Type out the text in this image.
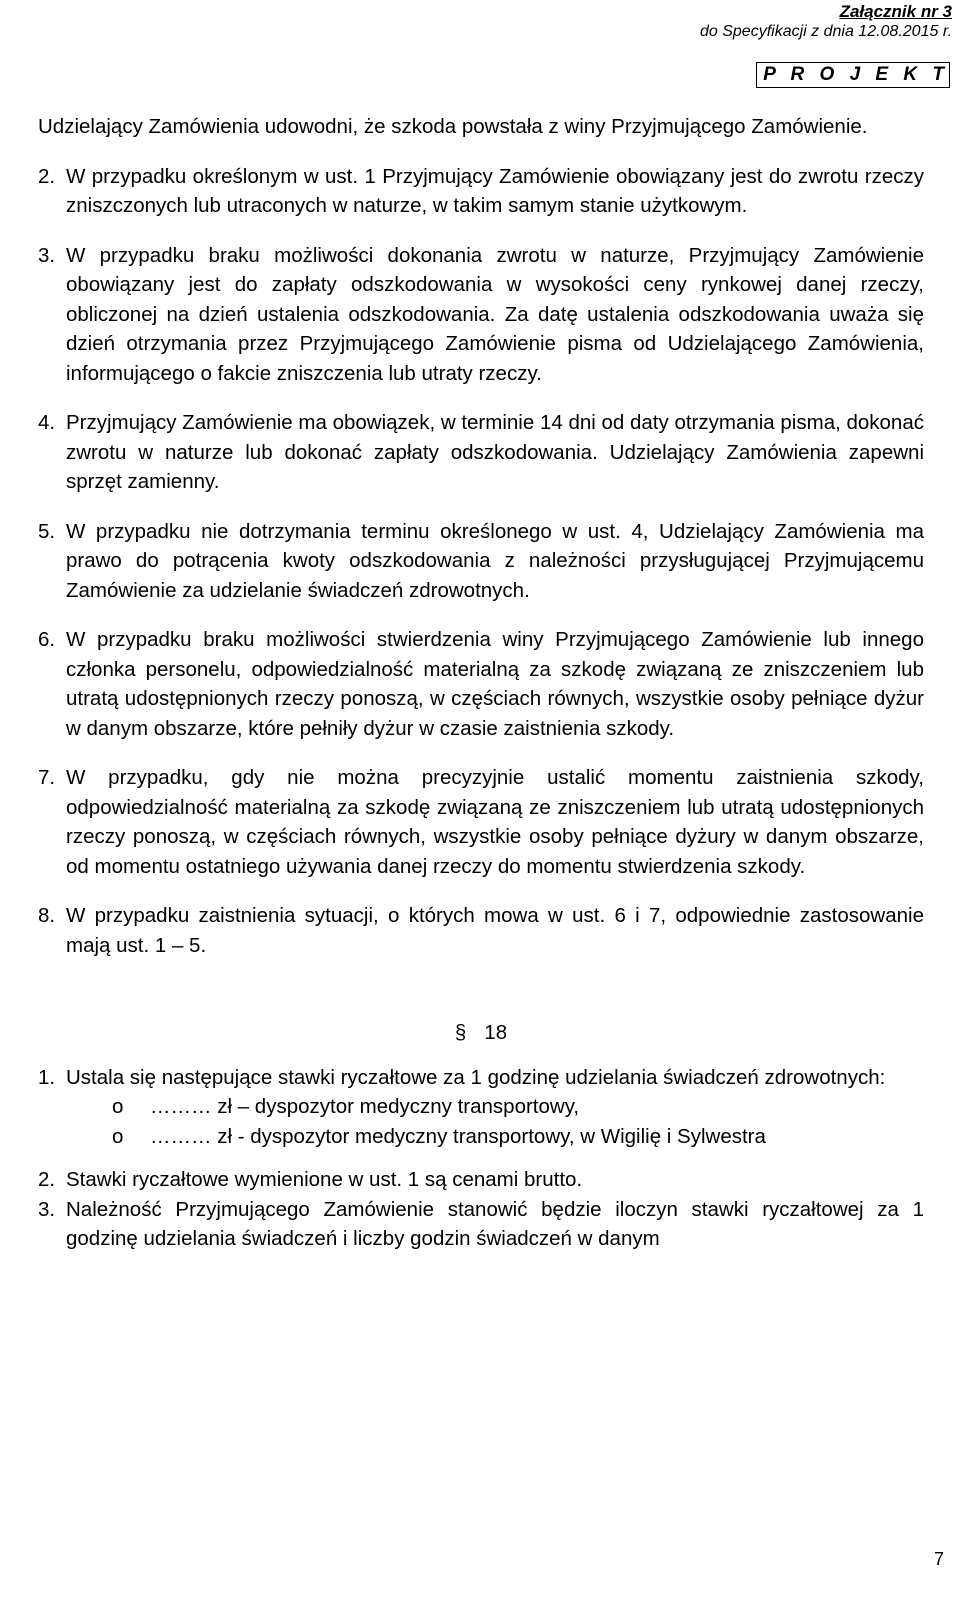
Załącznik nr 3
do Specyfikacji z dnia 12.08.2015 r.
P R O J E K T

Udzielający Zamówienia udowodni, że szkoda powstała z winy Przyjmującego Zamówienie.

2. W przypadku określonym w ust. 1 Przyjmujący Zamówienie obowiązany jest do zwrotu rzeczy zniszczonych lub utraconych w naturze, w takim samym stanie użytkowym.
3. W przypadku braku możliwości dokonania zwrotu w naturze, Przyjmujący Zamówienie obowiązany jest do zapłaty odszkodowania w wysokości ceny rynkowej danej rzeczy, obliczonej na dzień ustalenia odszkodowania. Za datę ustalenia odszkodowania uważa się dzień otrzymania przez Przyjmującego Zamówienie pisma od Udzielającego Zamówienia, informującego o fakcie zniszczenia lub utraty rzeczy.
4. Przyjmujący Zamówienie ma obowiązek, w terminie 14 dni od daty otrzymania pisma, dokonać zwrotu w naturze lub dokonać zapłaty odszkodowania. Udzielający Zamówienia zapewni sprzęt zamienny.
5. W przypadku nie dotrzymania terminu określonego w ust. 4, Udzielający Zamówienia ma prawo do potrącenia kwoty odszkodowania z należności przysługującej Przyjmującemu Zamówienie za udzielanie świadczeń zdrowotnych.
6. W przypadku braku możliwości stwierdzenia winy Przyjmującego Zamówienie lub innego członka personelu, odpowiedzialność materialną za szkodę związaną ze zniszczeniem lub utratą udostępnionych rzeczy ponoszą, w częściach równych, wszystkie osoby pełniące dyżur w danym obszarze, które pełniły dyżur w czasie zaistnienia szkody.
7. W przypadku, gdy nie można precyzyjnie ustalić momentu zaistnienia szkody, odpowiedzialność materialną za szkodę związaną ze zniszczeniem lub utratą udostępnionych rzeczy ponoszą, w częściach równych, wszystkie osoby pełniące dyżury w danym obszarze, od momentu ostatniego używania danej rzeczy do momentu stwierdzenia szkody.
8. W przypadku zaistnienia sytuacji, o których mowa w ust. 6 i 7, odpowiednie zastosowanie mają ust. 1 – 5.

§ 18

1. Ustala się następujące stawki ryczałtowe za 1 godzinę udzielania świadczeń zdrowotnych:
o	……… zł – dyspozytor medyczny transportowy,
o	……… zł - dyspozytor medyczny transportowy, w Wigilię i Sylwestra
2. Stawki ryczałtowe wymienione w ust. 1 są cenami brutto.
3. Należność Przyjmującego Zamówienie stanowić będzie iloczyn stawki ryczałtowej za 1 godzinę udzielania świadczeń i liczby godzin świadczeń w danym
7
